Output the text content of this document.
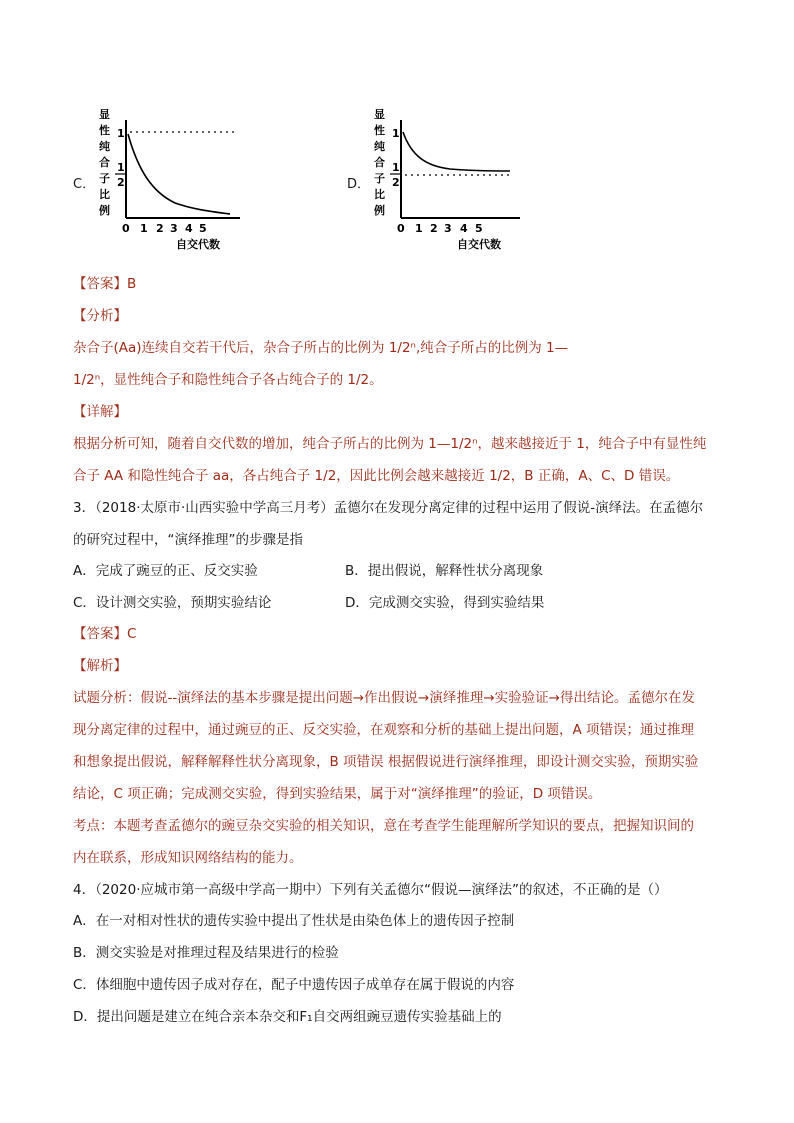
C．
显
性
纯
合
子
比
例
1
1
2
0 1 2 3 4 5
自交代数
D．
显
性
纯
合
子
比
例
1
1
2
0 1 2 3 4 5
自交代数
【答案】B
【分析】
杂合子(Aa)连续自交若干代后，杂合子所占的比例为 1/2ⁿ,纯合子所占的比例为 1—
1/2ⁿ，显性纯合子和隐性纯合子各占纯合子的 1/2。
【详解】
根据分析可知，随着自交代数的增加，纯合子所占的比例为 1—1/2ⁿ，越来越接近于 1，纯合子中有显性纯
合子 AA 和隐性纯合子 aa，各占纯合子 1/2，因此比例会越来越接近 1/2，B 正确，A、C、D 错误。
3．（2018·太原市·山西实验中学高三月考）孟德尔在发现分离定律的过程中运用了假说-演绎法。在孟德尔
的研究过程中，“演绎推理”的步骤是指
A．完成了豌豆的正、反交实验	B．提出假说，解释性状分离现象
C．设计测交实验，预期实验结论	D．完成测交实验，得到实验结果
【答案】C
【解析】
试题分析：假说--演绎法的基本步骤是提出问题→作出假说→演绎推理→实验验证→得出结论。孟德尔在发
现分离定律的过程中，通过豌豆的正、反交实验，在观察和分析的基础上提出问题，A 项错误；通过推理
和想象提出假说，解释解释性状分离现象，B 项错误 根据假说进行演绎推理，即设计测交实验，预期实验
结论，C 项正确；完成测交实验，得到实验结果，属于对“演绎推理”的验证，D 项错误。
考点：本题考查孟德尔的豌豆杂交实验的相关知识，意在考查学生能理解所学知识的要点，把握知识间的
内在联系，形成知识网络结构的能力。
4．（2020·应城市第一高级中学高一期中）下列有关孟德尔“假说—演绎法”的叙述，不正确的是（）
A．在一对相对性状的遗传实验中提出了性状是由染色体上的遗传因子控制
B．测交实验是对推理过程及结果进行的检验
C．体细胞中遗传因子成对存在，配子中遗传因子成单存在属于假说的内容
D．提出问题是建立在纯合亲本杂交和F₁自交两组豌豆遗传实验基础上的
